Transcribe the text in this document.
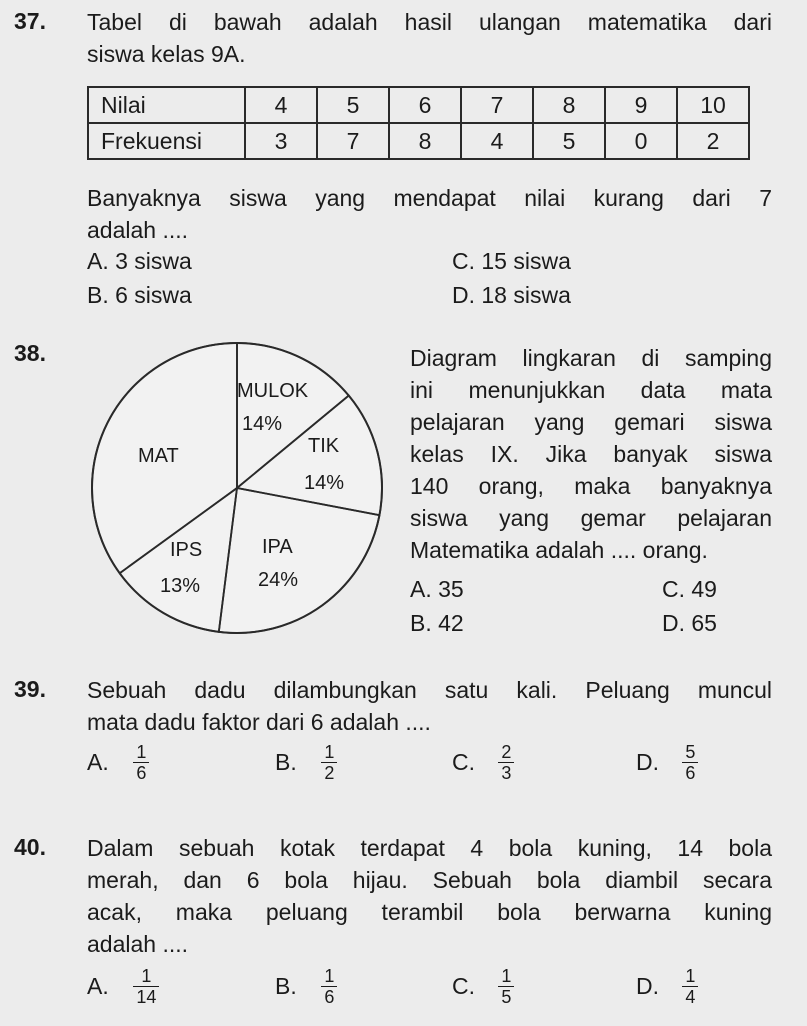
37. Tabel di bawah adalah hasil ulangan matematika dari
siswa kelas 9A.
Nilai	4	5	6	7	8	9	10
Frekuensi	3	7	8	4	5	0	2
Banyaknya siswa yang mendapat nilai kurang dari 7
adalah ....
A. 3 siswa	C. 15 siswa
B. 6 siswa	D. 18 siswa
38.
MULOK
14%
TIK
14%
MAT
IPA
24%
IPS
13%
Diagram lingkaran di samping
ini menunjukkan data mata
pelajaran yang gemari siswa
kelas IX. Jika banyak siswa
140 orang, maka banyaknya
siswa yang gemar pelajaran
Matematika adalah .... orang.
A. 35	C. 49
B. 42	D. 65
39. Sebuah dadu dilambungkan satu kali. Peluang muncul
mata dadu faktor dari 6 adalah ....
A. $\frac{1}{6}$	B. $\frac{1}{2}$	C. $\frac{2}{3}$	D. $\frac{5}{6}$
40. Dalam sebuah kotak terdapat 4 bola kuning, 14 bola
merah, dan 6 bola hijau. Sebuah bola diambil secara
acak, maka peluang terambil bola berwarna kuning
adalah ....
A. $\frac{1}{14}$	B. $\frac{1}{6}$	C. $\frac{1}{5}$	D. $\frac{1}{4}$
